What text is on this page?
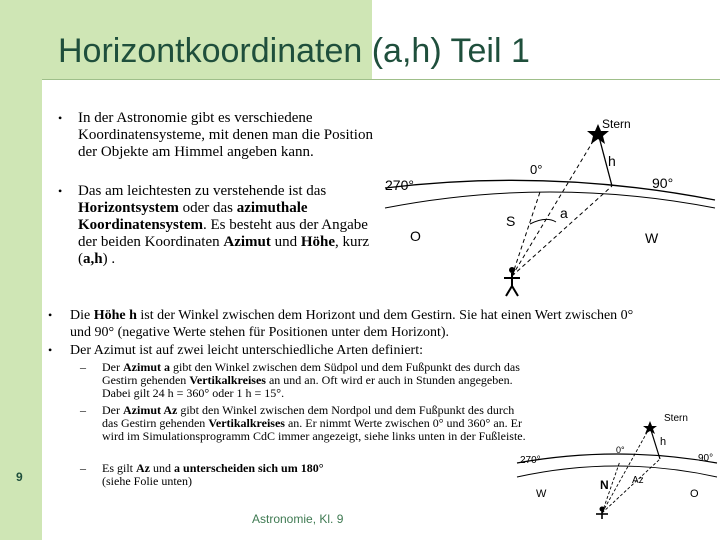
Horizontkoordinaten (a,h) Teil 1
• In der Astronomie gibt es verschiedene Koordinatensysteme, mit denen man die Position der Objekte am Himmel angeben kann.
• Das am leichtesten zu verstehende ist das Horizontsystem oder das azimuthale Koordinatensystem. Es besteht aus der Angabe der beiden Koordinaten Azimut und Höhe, kurz (a,h) .
• Die Höhe h ist der Winkel zwischen dem Horizont und dem Gestirn. Sie hat einen Wert zwischen 0° und 90° (negative Werte stehen für Positionen unter dem Horizont).
• Der Azimut ist auf zwei leicht unterschiedliche Arten definiert:
– Der Azimut a gibt den Winkel zwischen dem Südpol und dem Fußpunkt des durch das Gestirn gehenden Vertikalkreises an und an. Oft wird er auch in Stunden angegeben. Dabei gilt 24 h = 360° oder 1 h = 15°.
– Der Azimut Az gibt den Winkel zwischen dem Nordpol und dem Fußpunkt des durch das Gestirn gehenden Vertikalkreises an. Er nimmt Werte zwischen 0° und 360° an. Er wird im Simulationsprogramm CdC immer angezeigt, siehe links unten in der Fußleiste.
– Es gilt Az und a unterscheiden sich um 180°
(siehe Folie unten)
Stern
h
0°
270°	90°
S	a
O	W
Stern
h
0°
270°	90°
N Az
W	O
9
Astronomie, Kl. 9
